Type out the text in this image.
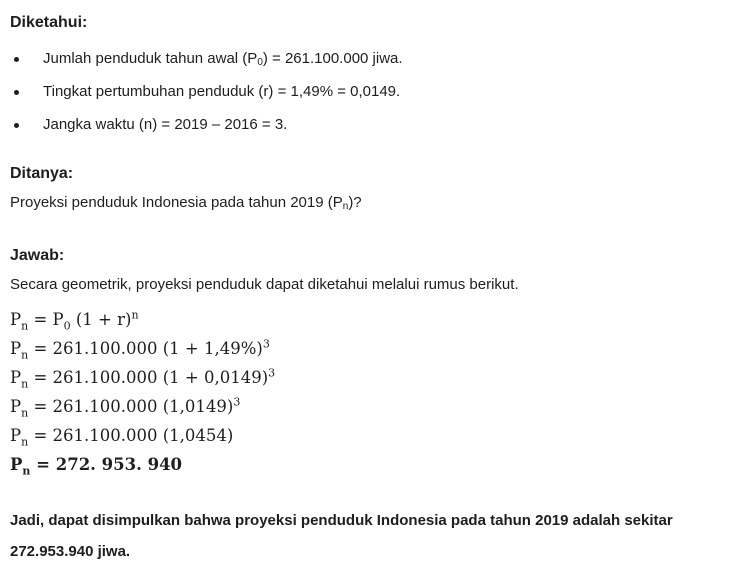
Diketahui:
Jumlah penduduk tahun awal $(P_0) = 261.100.000$ jiwa.
Tingkat pertumbuhan penduduk (r) = 1,49% = 0,0149.
Jangka waktu (n) = 2019 – 2016 = 3.
Ditanya:

Proyeksi penduduk Indonesia pada tahun 2019 $(P_n)$?

Jawab:

Secara geometrik, proyeksi penduduk dapat diketahui melalui rumus berikut.

$P_n = P_0$ $(1 + r)^n$
$P_n = 261.100.000$ $(1 + 1,49\%)^3$
$P_n = 261.100.000$ $(1 + 0,0149)^3$
$P_n = 261.100.000$ $(1,0149)^3$
$P_n = 261.100.000$ (1,0454)
$P_n = 272$. 953. 940

Jadi, dapat disimpulkan bahwa proyeksi penduduk Indonesia pada tahun 2019 adalah sekitar 272.953.940 jiwa.
